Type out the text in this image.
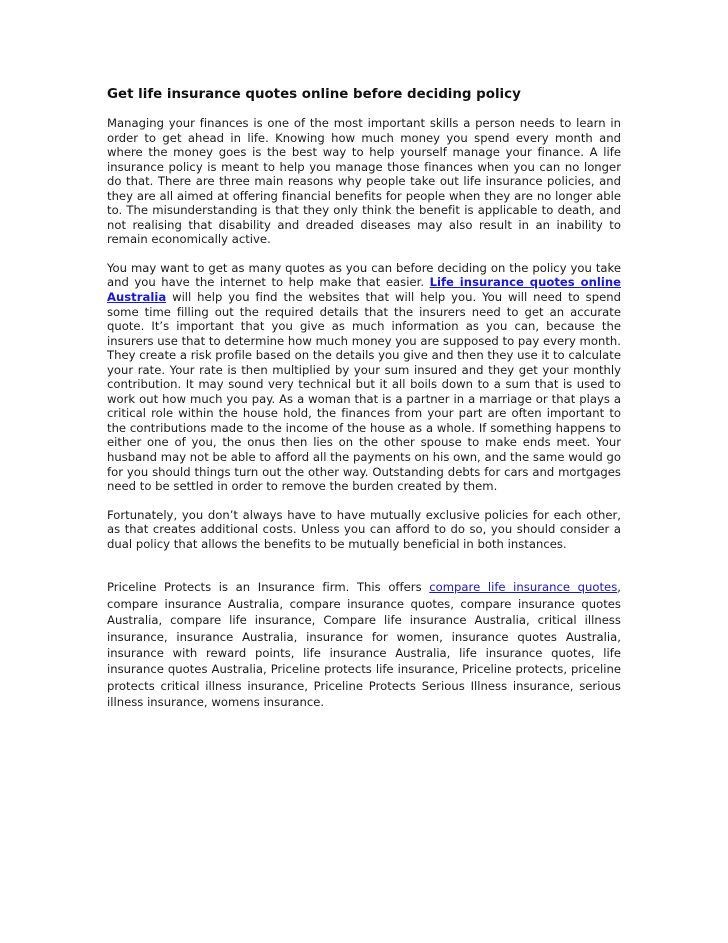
Get life insurance quotes online before deciding policy

Managing your finances is one of the most important skills a person needs to learn in order to get ahead in life. Knowing how much money you spend every month and where the money goes is the best way to help yourself manage your finance. A life insurance policy is meant to help you manage those finances when you can no longer do that. There are three main reasons why people take out life insurance policies, and they are all aimed at offering financial benefits for people when they are no longer able to. The misunderstanding is that they only think the benefit is applicable to death, and not realising that disability and dreaded diseases may also result in an inability to remain economically active.

You may want to get as many quotes as you can before deciding on the policy you take and you have the internet to help make that easier. Life insurance quotes online Australia will help you find the websites that will help you. You will need to spend some time filling out the required details that the insurers need to get an accurate quote. It’s important that you give as much information as you can, because the insurers use that to determine how much money you are supposed to pay every month. They create a risk profile based on the details you give and then they use it to calculate your rate. Your rate is then multiplied by your sum insured and they get your monthly contribution. It may sound very technical but it all boils down to a sum that is used to work out how much you pay. As a woman that is a partner in a marriage or that plays a critical role within the house hold, the finances from your part are often important to the contributions made to the income of the house as a whole. If something happens to either one of you, the onus then lies on the other spouse to make ends meet. Your husband may not be able to afford all the payments on his own, and the same would go for you should things turn out the other way. Outstanding debts for cars and mortgages need to be settled in order to remove the burden created by them.

Fortunately, you don’t always have to have mutually exclusive policies for each other, as that creates additional costs. Unless you can afford to do so, you should consider a dual policy that allows the benefits to be mutually beneficial in both instances.

Priceline Protects is an Insurance firm. This offers compare life insurance quotes, compare insurance Australia, compare insurance quotes, compare insurance quotes Australia, compare life insurance, Compare life insurance Australia, critical illness insurance, insurance Australia, insurance for women, insurance quotes Australia, insurance with reward points, life insurance Australia, life insurance quotes, life insurance quotes Australia, Priceline protects life insurance, Priceline protects, priceline protects critical illness insurance, Priceline Protects Serious Illness insurance, serious illness insurance, womens insurance.
